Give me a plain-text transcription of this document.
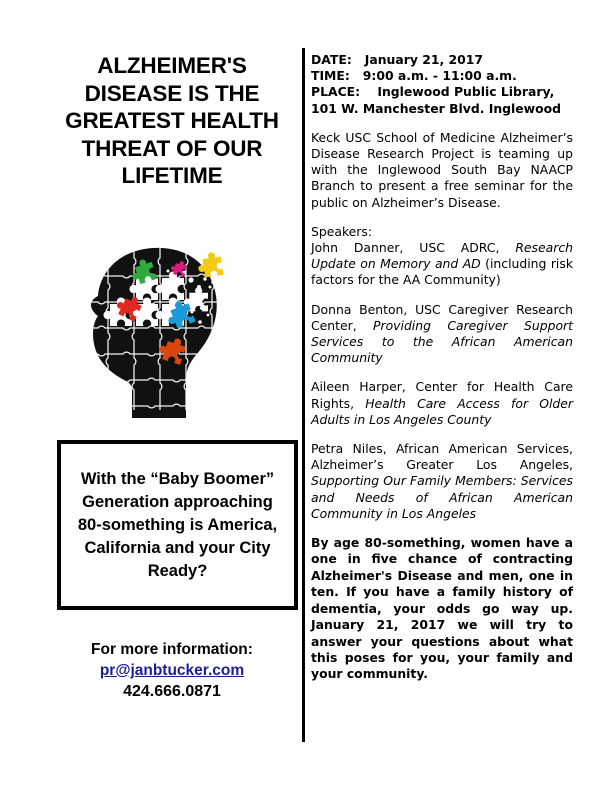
ALZHEIMER'S DISEASE IS THE GREATEST HEALTH THREAT OF OUR LIFETIME

With the “Baby Boomer” Generation approaching 80-something is America, California and your City Ready?

For more information:

pr@janbtucker.com

424.666.0871

DATE: January 21, 2017

TIME: 9:00 a.m. - 11:00 a.m.

PLACE: Inglewood Public Library,

101 W. Manchester Blvd. Inglewood

Keck USC School of Medicine Alzheimer’s Disease Research Project is teaming up with the Inglewood South Bay NAACP Branch to present a free seminar for the public on Alzheimer’s Disease.

Speakers:

John Danner, USC ADRC, Research Update on Memory and AD (including risk factors for the AA Community)

Donna Benton, USC Caregiver Research Center, Providing Caregiver Support Services to the African American Community

Aileen Harper, Center for Health Care Rights, Health Care Access for Older Adults in Los Angeles County

Petra Niles, African American Services, Alzheimer’s Greater Los Angeles, Supporting Our Family Members: Services and Needs of African American Community in Los Angeles

By age 80-something, women have a one in five chance of contracting Alzheimer's Disease and men, one in ten. If you have a family history of dementia, your odds go way up. January 21, 2017 we will try to answer your questions about what this poses for you, your family and your community.
